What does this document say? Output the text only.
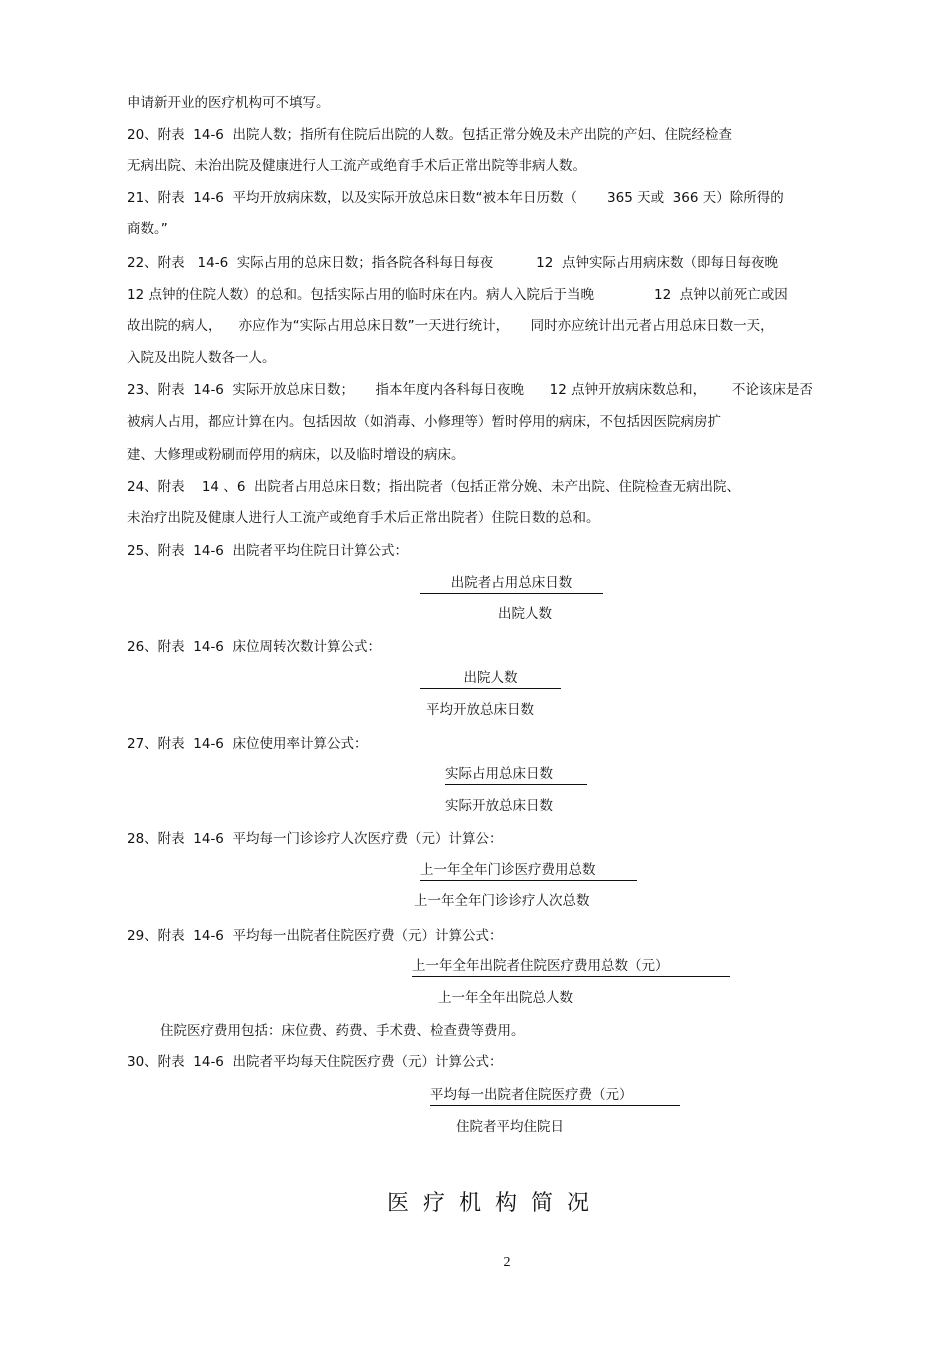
申请新开业的医疗机构可不填写。
20、附表  14-6  出院人数；指所有住院后出院的人数。包括正常分娩及未产出院的产妇、住院经检查
无病出院、未治出院及健康进行人工流产或绝育手术后正常出院等非病人数。
21、附表  14-6  平均开放病床数，以及实际开放总床日数“被本年日历数（       365 天或  366 天）除所得的
商数。”
22、附表   14-6  实际占用的总床日数；指各院各科每日每夜          12  点钟实际占用病床数（即每日每夜晚
12 点钟的住院人数）的总和。包括实际占用的临时床在内。病人入院后于当晚              12  点钟以前死亡或因
故出院的病人，    亦应作为“实际占用总床日数”一天进行统计，     同时亦应统计出元者占用总床日数一天，
入院及出院人数各一人。
23、附表  14-6  实际开放总床日数；     指本年度内各科每日夜晚      12 点钟开放病床数总和，      不论该床是否
被病人占用，都应计算在内。包括因故（如消毒、小修理等）暂时停用的病床，不包括因医院病房扩
建、大修理或粉刷而停用的病床，以及临时增设的病床。
24、附表    14 、6  出院者占用总床日数；指出院者（包括正常分娩、未产出院、住院检查无病出院、
未治疗出院及健康人进行人工流产或绝育手术后正常出院者）住院日数的总和。
25、附表  14-6  出院者平均住院日计算公式：
出院者占用总床日数
出院人数
26、附表  14-6  床位周转次数计算公式：
出院人数
平均开放总床日数
27、附表  14-6  床位使用率计算公式：
实际占用总床日数
实际开放总床日数
28、附表  14-6  平均每一门诊诊疗人次医疗费（元）计算公：
上一年全年门诊医疗费用总数
上一年全年门诊诊疗人次总数
29、附表  14-6  平均每一出院者住院医疗费（元）计算公式：
上一年全年出院者住院医疗费用总数（元）
上一年全年出院总人数
住院医疗费用包括：床位费、药费、手术费、检查费等费用。
30、附表  14-6  出院者平均每天住院医疗费（元）计算公式：
平均每一出院者住院医疗费（元）
住院者平均住院日
医疗机构简况
2
